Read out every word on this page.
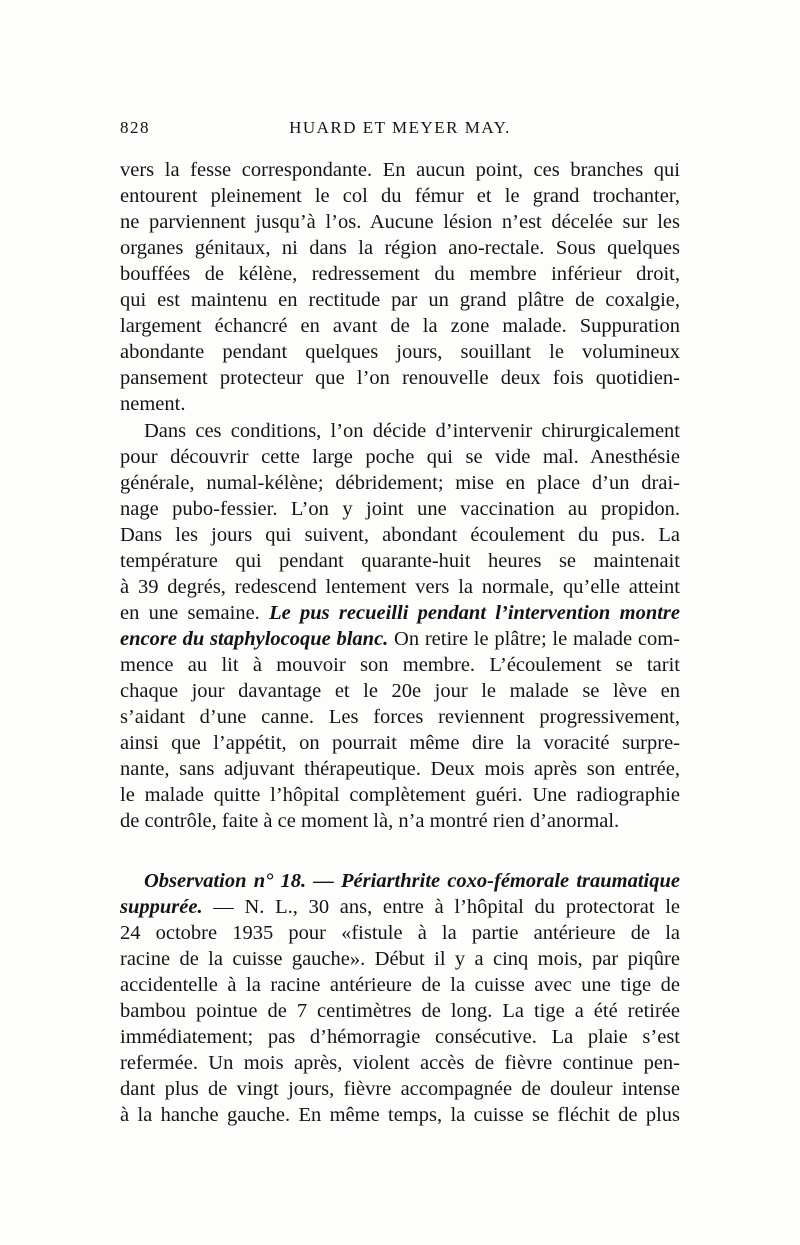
828	HUARD ET MEYER MAY.
vers la fesse correspondante. En aucun point, ces branches qui
entourent pleinement le col du fémur et le grand trochanter,
ne parviennent jusqu’à l’os. Aucune lésion n’est décelée sur les
organes génitaux, ni dans la région ano-rectale. Sous quelques
bouffées de kélène, redressement du membre inférieur droit,
qui est maintenu en rectitude par un grand plâtre de coxalgie,
largement échancré en avant de la zone malade. Suppuration
abondante pendant quelques jours, souillant le volumineux
pansement protecteur que l’on renouvelle deux fois quotidien-
nement.
Dans ces conditions, l’on décide d’intervenir chirurgicalement
pour découvrir cette large poche qui se vide mal. Anesthésie
générale, numal-kélène; débridement; mise en place d’un drai-
nage pubo-fessier. L’on y joint une vaccination au propidon.
Dans les jours qui suivent, abondant écoulement du pus. La
température qui pendant quarante-huit heures se maintenait
à 39 degrés, redescend lentement vers la normale, qu’elle atteint
en une semaine. Le pus recueilli pendant l’intervention montre
encore du staphylocoque blanc. On retire le plâtre; le malade com-
mence au lit à mouvoir son membre. L’écoulement se tarit
chaque jour davantage et le 20e jour le malade se lève en
s’aidant d’une canne. Les forces reviennent progressivement,
ainsi que l’appétit, on pourrait même dire la voracité surpre-
nante, sans adjuvant thérapeutique. Deux mois après son entrée,
le malade quitte l’hôpital complètement guéri. Une radiographie
de contrôle, faite à ce moment là, n’a montré rien d’anormal.
Observation n° 18. — Périarthrite coxo-fémorale traumatique
suppurée. — N. L., 30 ans, entre à l’hôpital du protectorat le
24 octobre 1935 pour «fistule à la partie antérieure de la
racine de la cuisse gauche». Début il y a cinq mois, par piqûre
accidentelle à la racine antérieure de la cuisse avec une tige de
bambou pointue de 7 centimètres de long. La tige a été retirée
immédiatement; pas d’hémorragie consécutive. La plaie s’est
refermée. Un mois après, violent accès de fièvre continue pen-
dant plus de vingt jours, fièvre accompagnée de douleur intense
à la hanche gauche. En même temps, la cuisse se fléchit de plus
